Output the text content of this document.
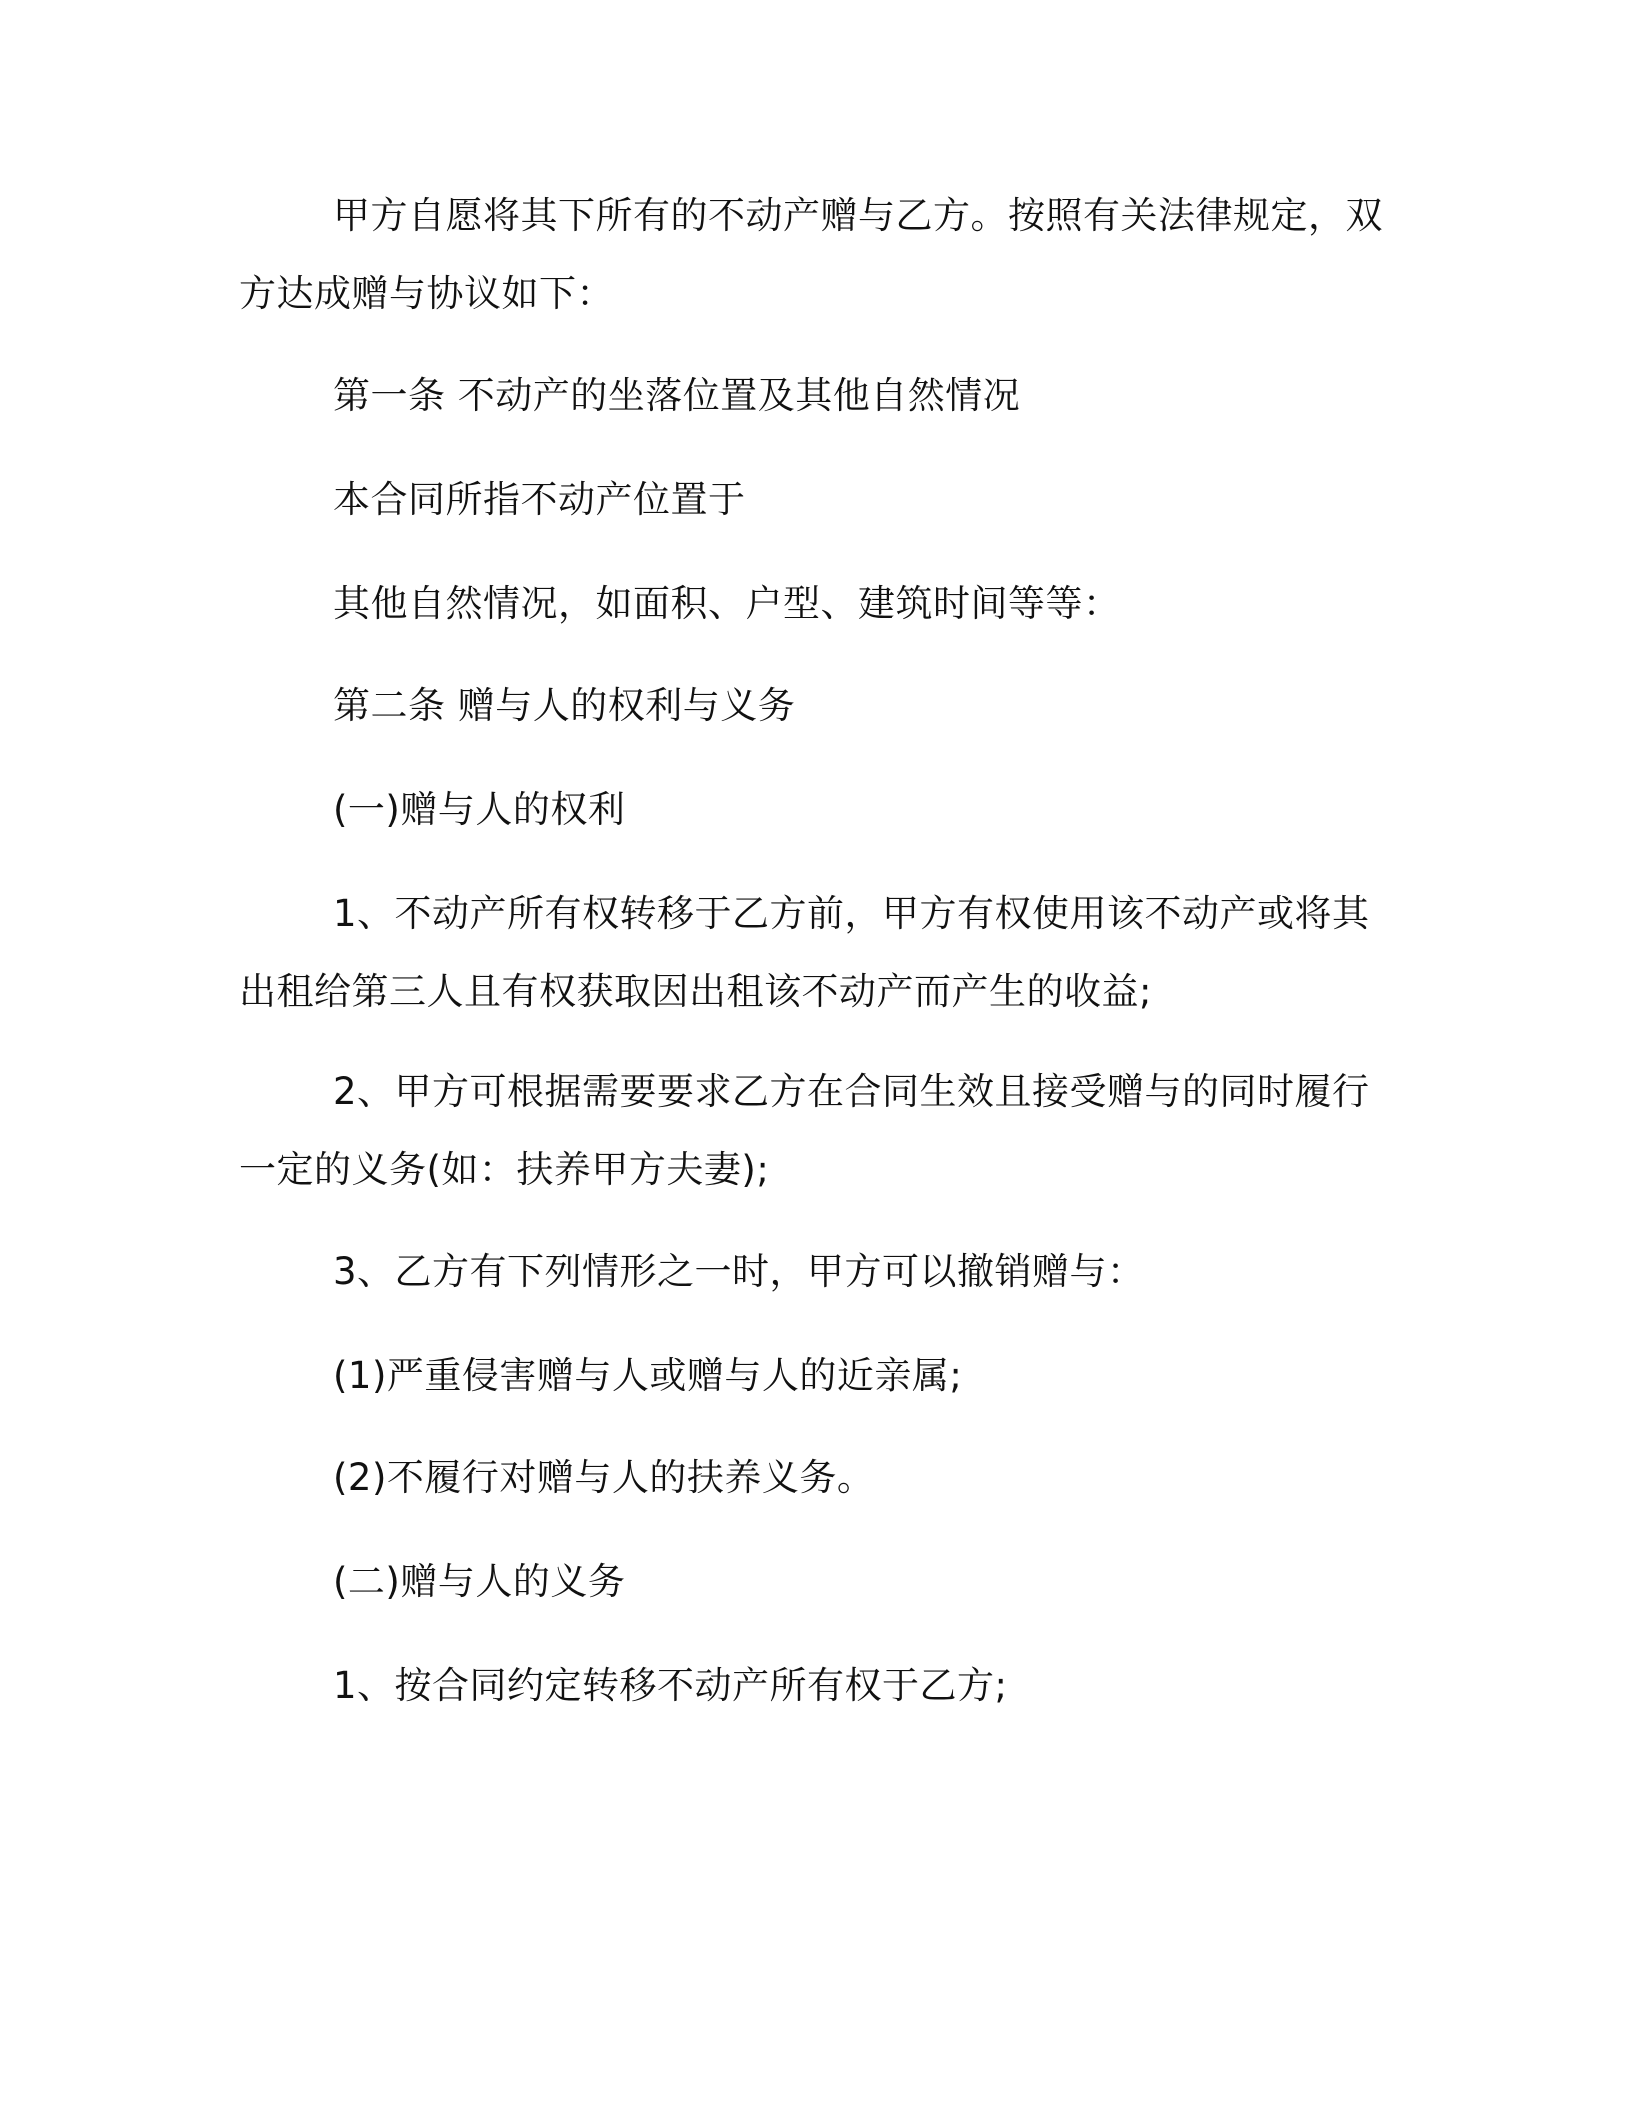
甲方自愿将其下所有的不动产赠与乙方。按照有关法律规定，双

方达成赠与协议如下：

第一条 不动产的坐落位置及其他自然情况

本合同所指不动产位置于

其他自然情况，如面积、户型、建筑时间等等：

第二条 赠与人的权利与义务

(一)赠与人的权利

1、不动产所有权转移于乙方前，甲方有权使用该不动产或将其

出租给第三人且有权获取因出租该不动产而产生的收益;

2、甲方可根据需要要求乙方在合同生效且接受赠与的同时履行

一定的义务(如：扶养甲方夫妻);

3、乙方有下列情形之一时，甲方可以撤销赠与：

(1)严重侵害赠与人或赠与人的近亲属;

(2)不履行对赠与人的扶养义务。

(二)赠与人的义务

1、按合同约定转移不动产所有权于乙方;
